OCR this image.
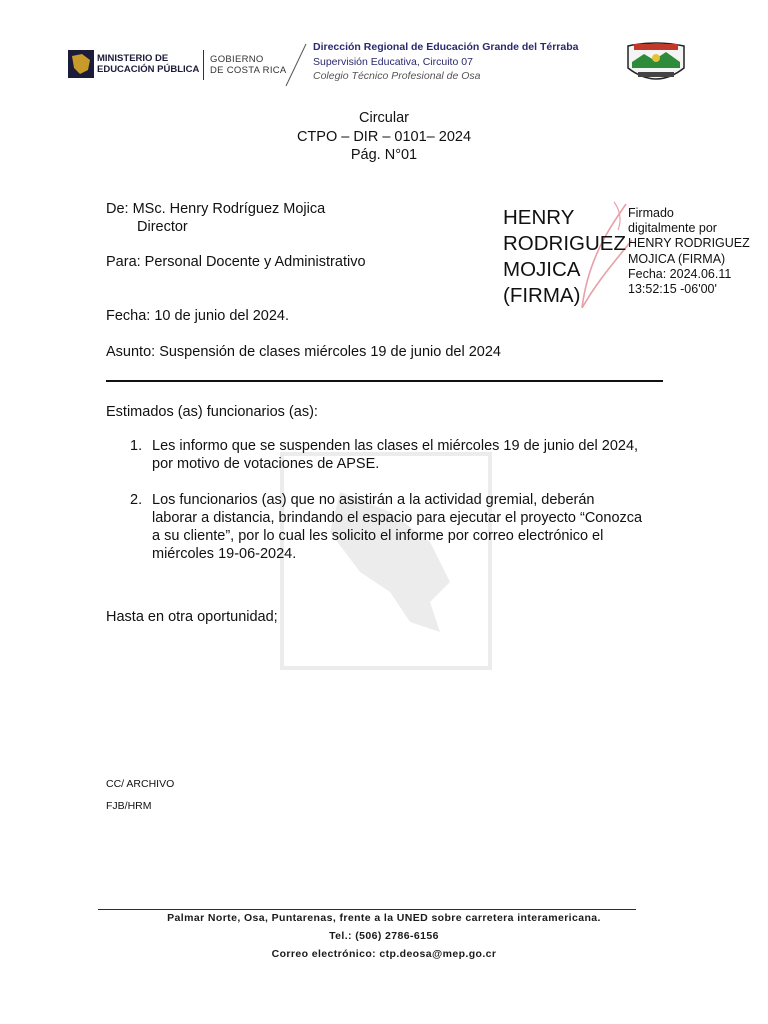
MINISTERIO DE
EDUCACIÓN PÚBLICA
GOBIERNO
DE COSTA RICA
Dirección Regional de Educación Grande del Térraba
Supervisión Educativa, Circuito 07
Colegio Técnico Profesional de Osa
Circular
CTPO – DIR – 0101– 2024
Pág. N°01
De: MSc. Henry Rodríguez Mojica
Director
Para: Personal Docente y Administrativo
Fecha: 10 de junio del 2024.
Asunto: Suspensión de clases miércoles 19 de junio del 2024
HENRY
RODRIGUEZ
MOJICA
(FIRMA)
Firmado
digitalmente por
HENRY RODRIGUEZ
MOJICA (FIRMA)
Fecha: 2024.06.11
13:52:15 -06'00'
Estimados (as) funcionarios (as):
1. Les informo que se suspenden las clases el miércoles 19 de junio del 2024,
por motivo de votaciones de APSE.
2. Los funcionarios (as) que no asistirán a la actividad gremial, deberán
laborar a distancia, brindando el espacio para ejecutar el proyecto “Conozca
a su cliente”, por lo cual les solicito el informe por correo electrónico el
miércoles 19-06-2024.
Hasta en otra oportunidad;
CC/ ARCHIVO
FJB/HRM
Palmar Norte, Osa, Puntarenas, frente a la UNED sobre carretera interamericana.
Tel.: (506) 2786-6156
Correo electrónico: ctp.deosa@mep.go.cr
